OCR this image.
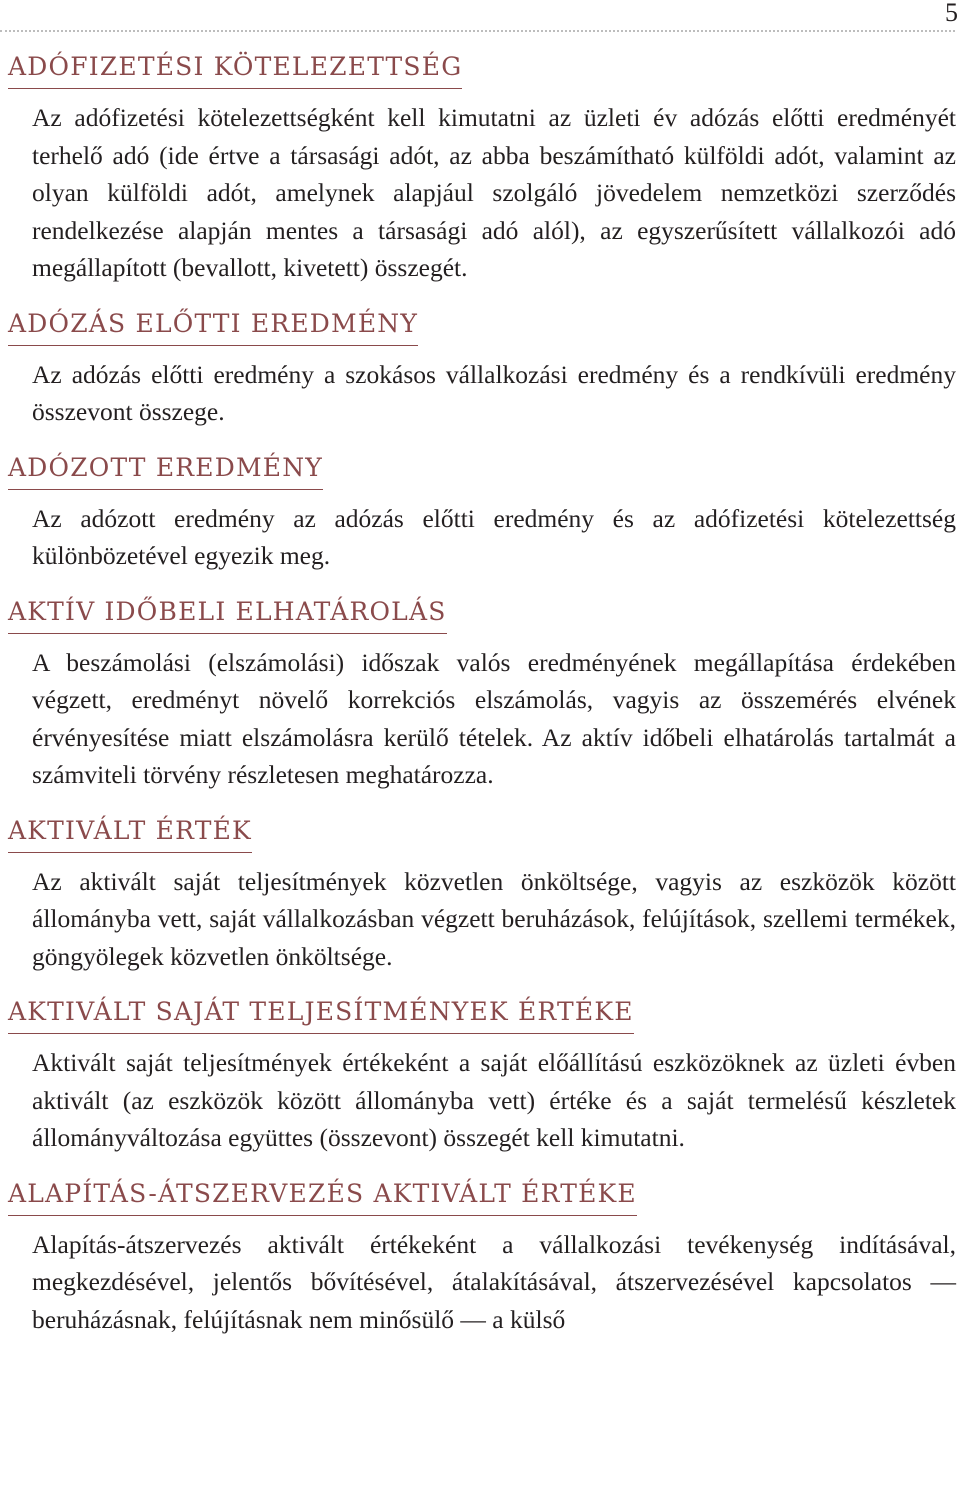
5
ADÓFIZETÉSI KÖTELEZETTSÉG

Az adófizetési kötelezettségként kell kimutatni az üzleti év adózás előtti eredményét terhelő adó (ide értve a társasági adót, az abba beszámítható külföldi adót, valamint az olyan külföldi adót, amelynek alapjául szolgáló jövedelem nemzetközi szerződés rendelkezése alapján mentes a társasági adó alól), az egyszerűsített vállalkozói adó megállapított (bevallott, kivetett) összegét.

ADÓZÁS ELŐTTI EREDMÉNY

Az adózás előtti eredmény a szokásos vállalkozási eredmény és a rendkívüli eredmény összevont összege.

ADÓZOTT EREDMÉNY

Az adózott eredmény az adózás előtti eredmény és az adófizetési kötelezettség különbözetével egyezik meg.

AKTÍV IDŐBELI ELHATÁROLÁS

A beszámolási (elszámolási) időszak valós eredményének megállapítása érdekében végzett, eredményt növelő korrekciós elszámolás, vagyis az összemérés elvének érvényesítése miatt elszámolásra kerülő tételek. Az aktív időbeli elhatárolás tartalmát a számviteli törvény részletesen meghatározza.

AKTIVÁLT ÉRTÉK

Az aktivált saját teljesítmények közvetlen önköltsége, vagyis az eszközök között állományba vett, saját vállalkozásban végzett beruházások, felújítások, szellemi termékek, göngyölegek közvetlen önköltsége.

AKTIVÁLT SAJÁT TELJESÍTMÉNYEK ÉRTÉKE

Aktivált saját teljesítmények értékeként a saját előállítású eszközöknek az üzleti évben aktivált (az eszközök között állományba vett) értéke és a saját termelésű készletek állományváltozása együttes (összevont) összegét kell kimutatni.

ALAPÍTÁS-ÁTSZERVEZÉS AKTIVÁLT ÉRTÉKE

Alapítás-átszervezés aktivált értékeként a vállalkozási tevékenység indításával, megkezdésével, jelentős bővítésével, átalakításával, átszervezésével kapcsolatos — beruházásnak, felújításnak nem minősülő — a külső
